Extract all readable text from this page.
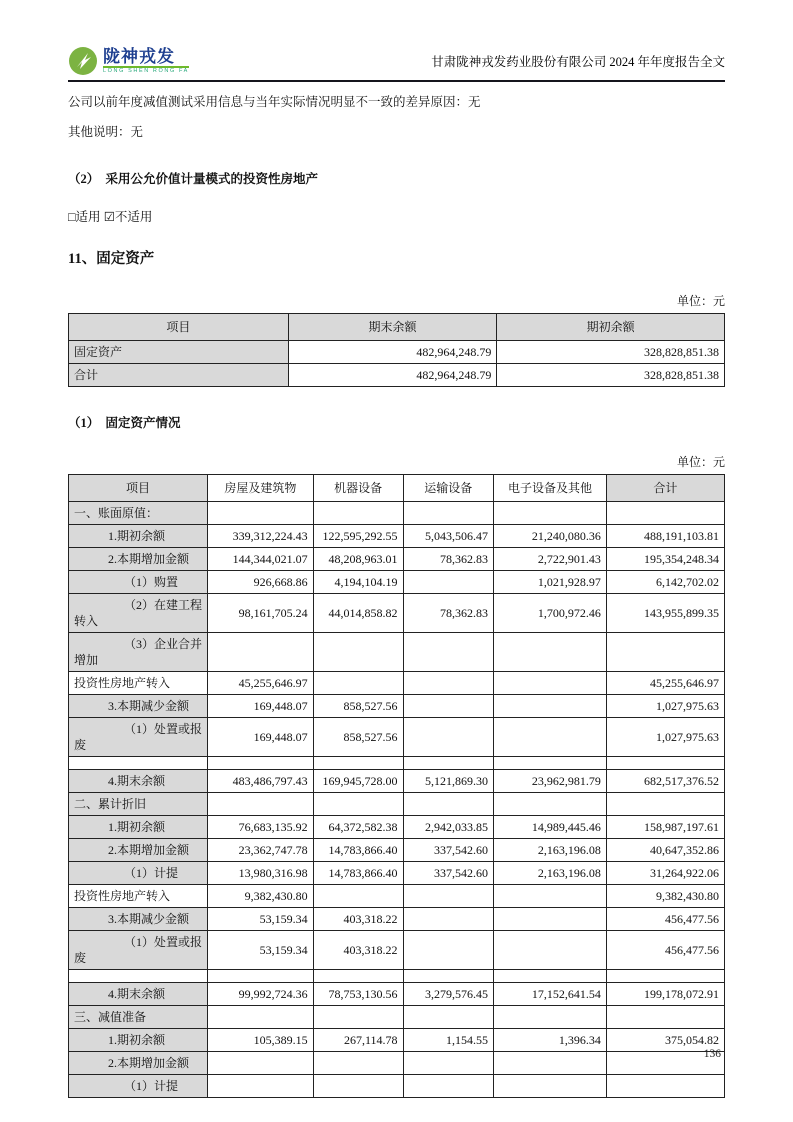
陇神戎发
LONG SHEN RONG FA
甘肃陇神戎发药业股份有限公司 2024 年年度报告全文
公司以前年度减值测试采用信息与当年实际情况明显不一致的差异原因：无
其他说明：无
（2）　采用公允价值计量模式的投资性房地产
□适用 ☑不适用
11、固定资产
单位：元
项目	期末余额	期初余额
固定资产	482,964,248.79	328,828,851.38
合计	482,964,248.79	328,828,851.38
（1）　固定资产情况
单位：元
项目	房屋及建筑物	机器设备	运输设备	电子设备及其他	合计
一、账面原值：					
1.期初余额	339,312,224.43	122,595,292.55	5,043,506.47	21,240,080.36	488,191,103.81
2.本期增加金额	144,344,021.07	48,208,963.01	78,362.83	2,722,901.43	195,354,248.34
（1）购置	926,668.86	4,194,104.19		1,021,928.97	6,142,702.02
（2）在建工程转入	98,161,705.24	44,014,858.82	78,362.83	1,700,972.46	143,955,899.35
（3）企业合并增加					
投资性房地产转入	45,255,646.97				45,255,646.97
3.本期减少金额	169,448.07	858,527.56			1,027,975.63
（1）处置或报废	169,448.07	858,527.56			1,027,975.63

4.期末余额	483,486,797.43	169,945,728.00	5,121,869.30	23,962,981.79	682,517,376.52
二、累计折旧					
1.期初余额	76,683,135.92	64,372,582.38	2,942,033.85	14,989,445.46	158,987,197.61
2.本期增加金额	23,362,747.78	14,783,866.40	337,542.60	2,163,196.08	40,647,352.86
（1）计提	13,980,316.98	14,783,866.40	337,542.60	2,163,196.08	31,264,922.06
投资性房地产转入	9,382,430.80				9,382,430.80
3.本期减少金额	53,159.34	403,318.22			456,477.56
（1）处置或报废	53,159.34	403,318.22			456,477.56

4.期末余额	99,992,724.36	78,753,130.56	3,279,576.45	17,152,641.54	199,178,072.91
三、减值准备					
1.期初余额	105,389.15	267,114.78	1,154.55	1,396.34	375,054.82
2.本期增加金额					
（1）计提					
136
